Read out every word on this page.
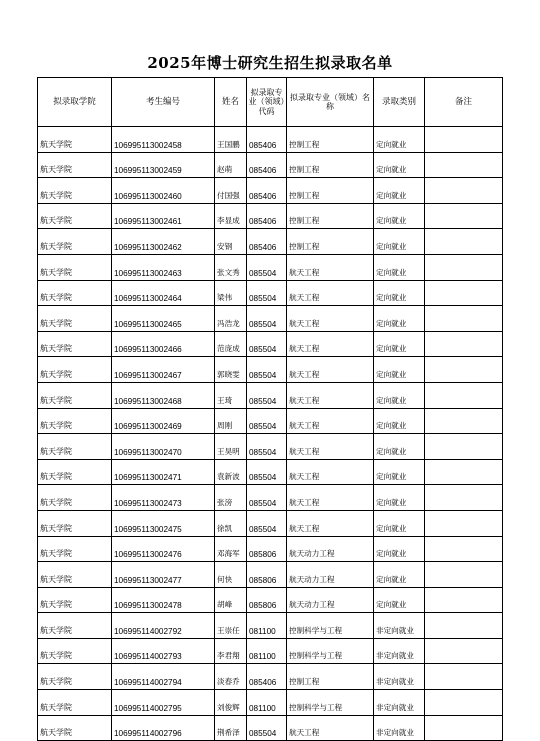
2025年博士研究生招生拟录取名单
拟录取学院	考生编号	姓名	拟录取专业（领域）代码	拟录取专业（领域）名称	录取类别	备注
航天学院	106995113002458	王国鹏	085406	控制工程	定向就业	
航天学院	106995113002459	赵萌	085406	控制工程	定向就业	
航天学院	106995113002460	付国强	085406	控制工程	定向就业	
航天学院	106995113002461	李显成	085406	控制工程	定向就业	
航天学院	106995113002462	安钢	085406	控制工程	定向就业	
航天学院	106995113002463	张文秀	085504	航天工程	定向就业	
航天学院	106995113002464	梁伟	085504	航天工程	定向就业	
航天学院	106995113002465	冯浩龙	085504	航天工程	定向就业	
航天学院	106995113002466	范庞成	085504	航天工程	定向就业	
航天学院	106995113002467	郭晓雯	085504	航天工程	定向就业	
航天学院	106995113002468	王琦	085504	航天工程	定向就业	
航天学院	106995113002469	周刚	085504	航天工程	定向就业	
航天学院	106995113002470	王昊明	085504	航天工程	定向就业	
航天学院	106995113002471	袁新波	085504	航天工程	定向就业	
航天学院	106995113002473	张滂	085504	航天工程	定向就业	
航天学院	106995113002475	徐凯	085504	航天工程	定向就业	
航天学院	106995113002476	邓海军	085806	航天动力工程	定向就业	
航天学院	106995113002477	何快	085806	航天动力工程	定向就业	
航天学院	106995113002478	胡峰	085806	航天动力工程	定向就业	
航天学院	106995114002792	王崇任	081100	控制科学与工程	非定向就业	
航天学院	106995114002793	李君翔	081100	控制科学与工程	非定向就业	
航天学院	106995114002794	淡春乔	085406	控制工程	非定向就业	
航天学院	106995114002795	刘俊辉	081100	控制科学与工程	非定向就业	
航天学院	106995114002796	荆希泽	085504	航天工程	非定向就业	
